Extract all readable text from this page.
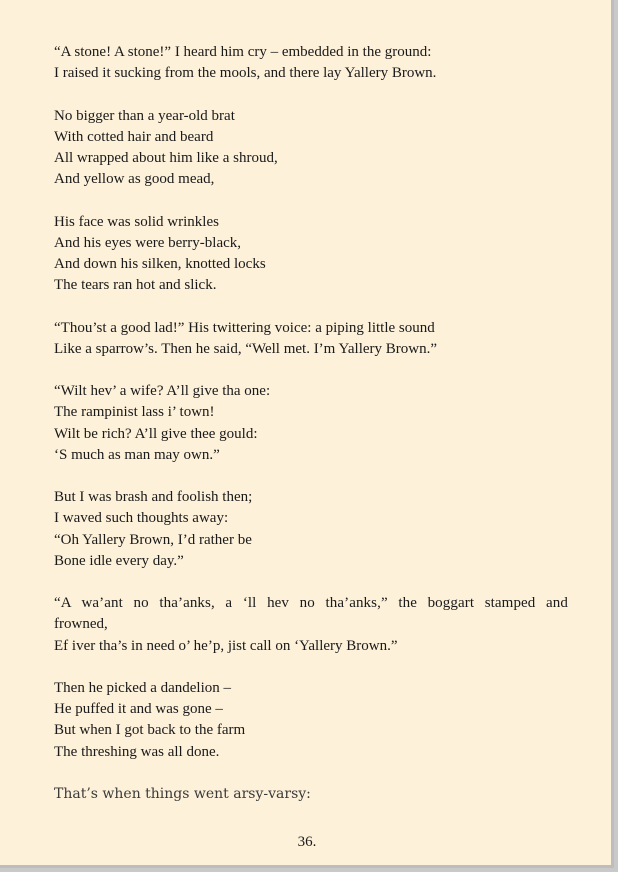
“A stone! A stone!” I heard him cry – embedded in the ground:
I raised it sucking from the mools, and there lay Yallery Brown.
No bigger than a year-old brat
With cotted hair and beard
All wrapped about him like a shroud,
And yellow as good mead,
His face was solid wrinkles
And his eyes were berry-black,
And down his silken, knotted locks
The tears ran hot and slick.
“Thou’st a good lad!” His twittering voice: a piping little sound
Like a sparrow’s. Then he said, “Well met. I’m Yallery Brown.”
“Wilt hev’ a wife? A’ll give tha one:
The rampinist lass i’ town!
Wilt be rich? A’ll give thee gould:
‘S much as man may own.”
But I was brash and foolish then;
I waved such thoughts away:
“Oh Yallery Brown, I’d rather be
Bone idle every day.”
“A wa’ant no tha’anks, a ‘ll hev no tha’anks,” the boggart stamped and
frowned,
Ef iver tha’s in need o’ he’p, jist call on ‘Yallery Brown.”
Then he picked a dandelion –
He puffed it and was gone –
But when I got back to the farm
The threshing was all done.
That’s when things went arsy-varsy:
36.
